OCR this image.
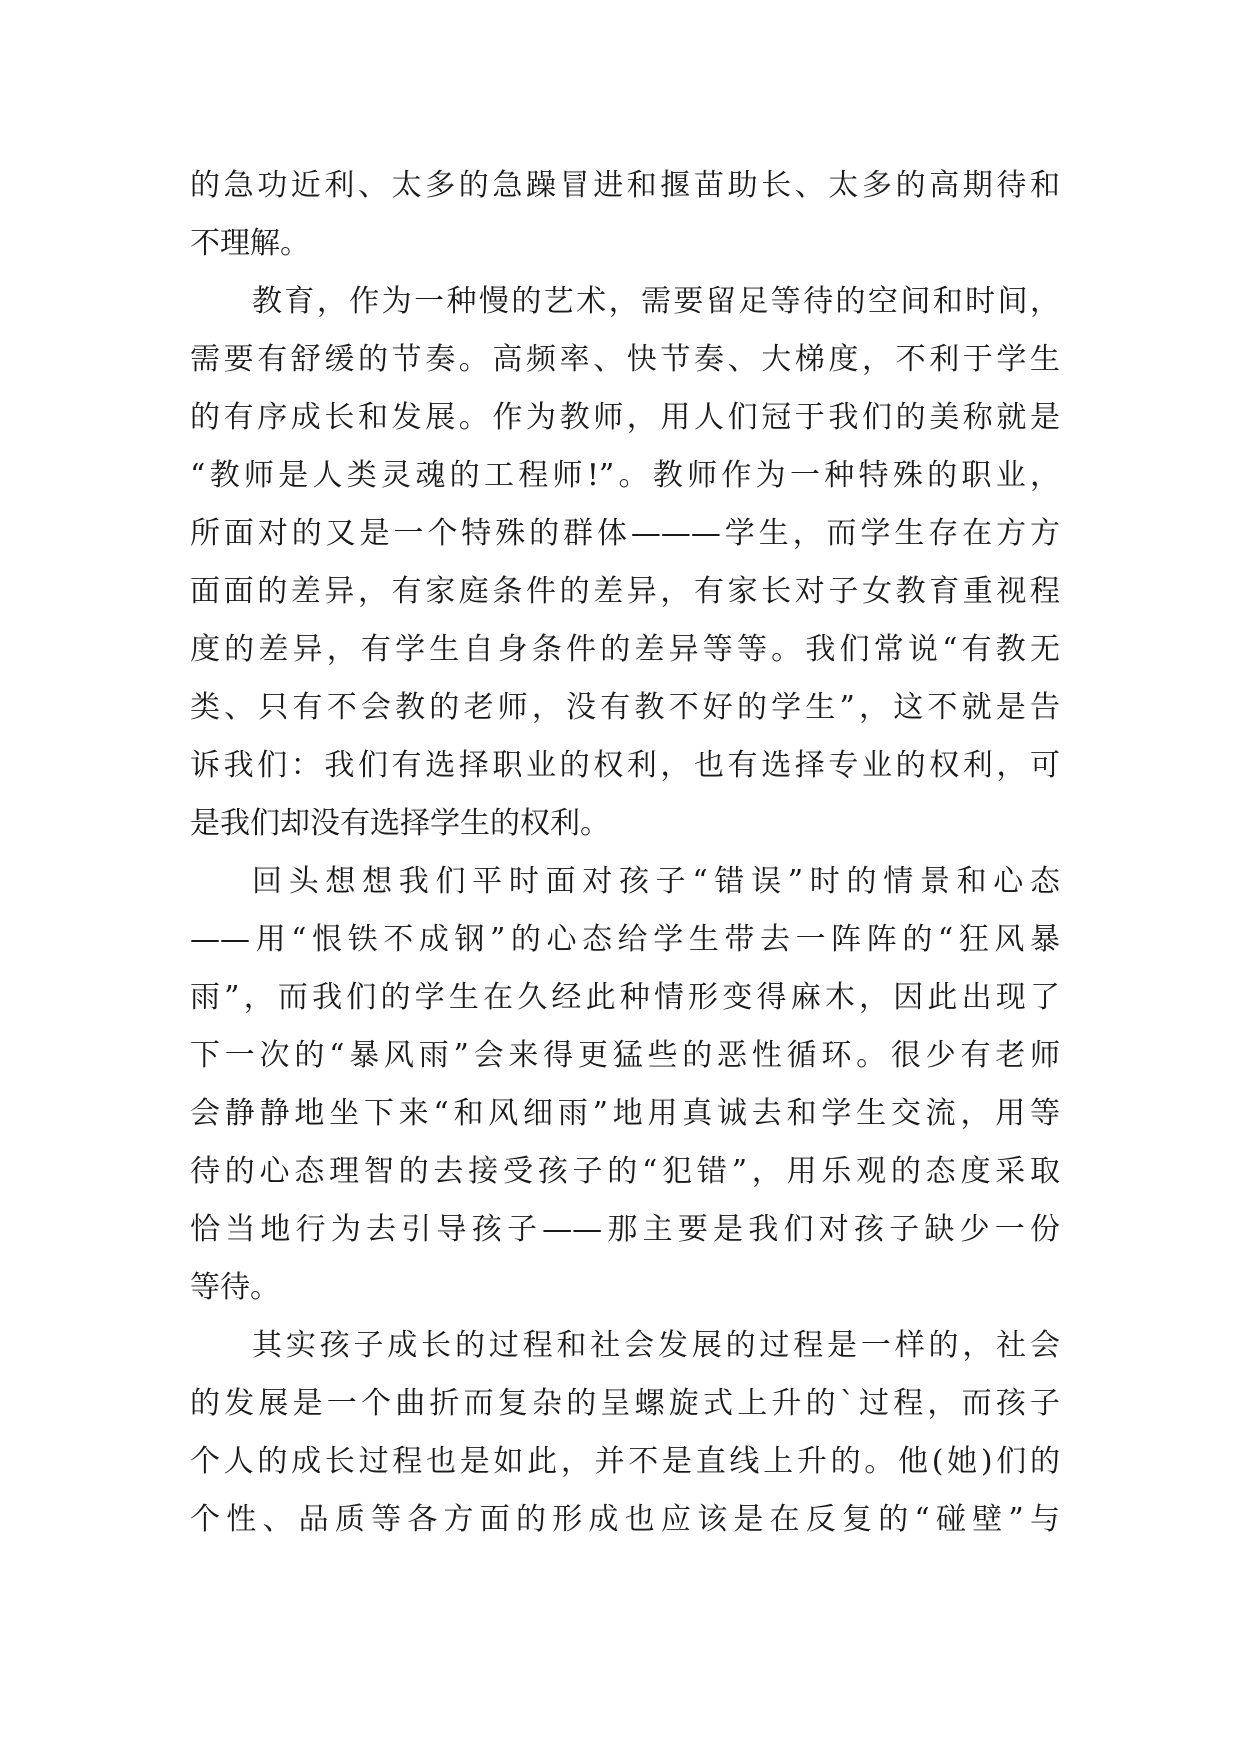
的急功近利、太多的急躁冒进和揠苗助长、太多的高期待和
不理解。
教育，作为一种慢的艺术，需要留足等待的空间和时间，
需要有舒缓的节奏。高频率、快节奏、大梯度，不利于学生
的有序成长和发展。作为教师，用人们冠于我们的美称就是
“教师是人类灵魂的工程师!”。教师作为一种特殊的职业，
所面对的又是一个特殊的群体———学生，而学生存在方方
面面的差异，有家庭条件的差异，有家长对子女教育重视程
度的差异，有学生自身条件的差异等等。我们常说“有教无
类、只有不会教的老师，没有教不好的学生”，这不就是告
诉我们：我们有选择职业的权利，也有选择专业的权利，可
是我们却没有选择学生的权利。
回头想想我们平时面对孩子“错误”时的情景和心态
——用“恨铁不成钢”的心态给学生带去一阵阵的“狂风暴
雨”，而我们的学生在久经此种情形变得麻木，因此出现了
下一次的“暴风雨”会来得更猛些的恶性循环。很少有老师
会静静地坐下来“和风细雨”地用真诚去和学生交流，用等
待的心态理智的去接受孩子的“犯错”，用乐观的态度采取
恰当地行为去引导孩子——那主要是我们对孩子缺少一份
等待。
其实孩子成长的过程和社会发展的过程是一样的，社会
的发展是一个曲折而复杂的呈螺旋式上升的`过程，而孩子
个人的成长过程也是如此，并不是直线上升的。他(她)们的
个性、品质等各方面的形成也应该是在反复的“碰壁”与
